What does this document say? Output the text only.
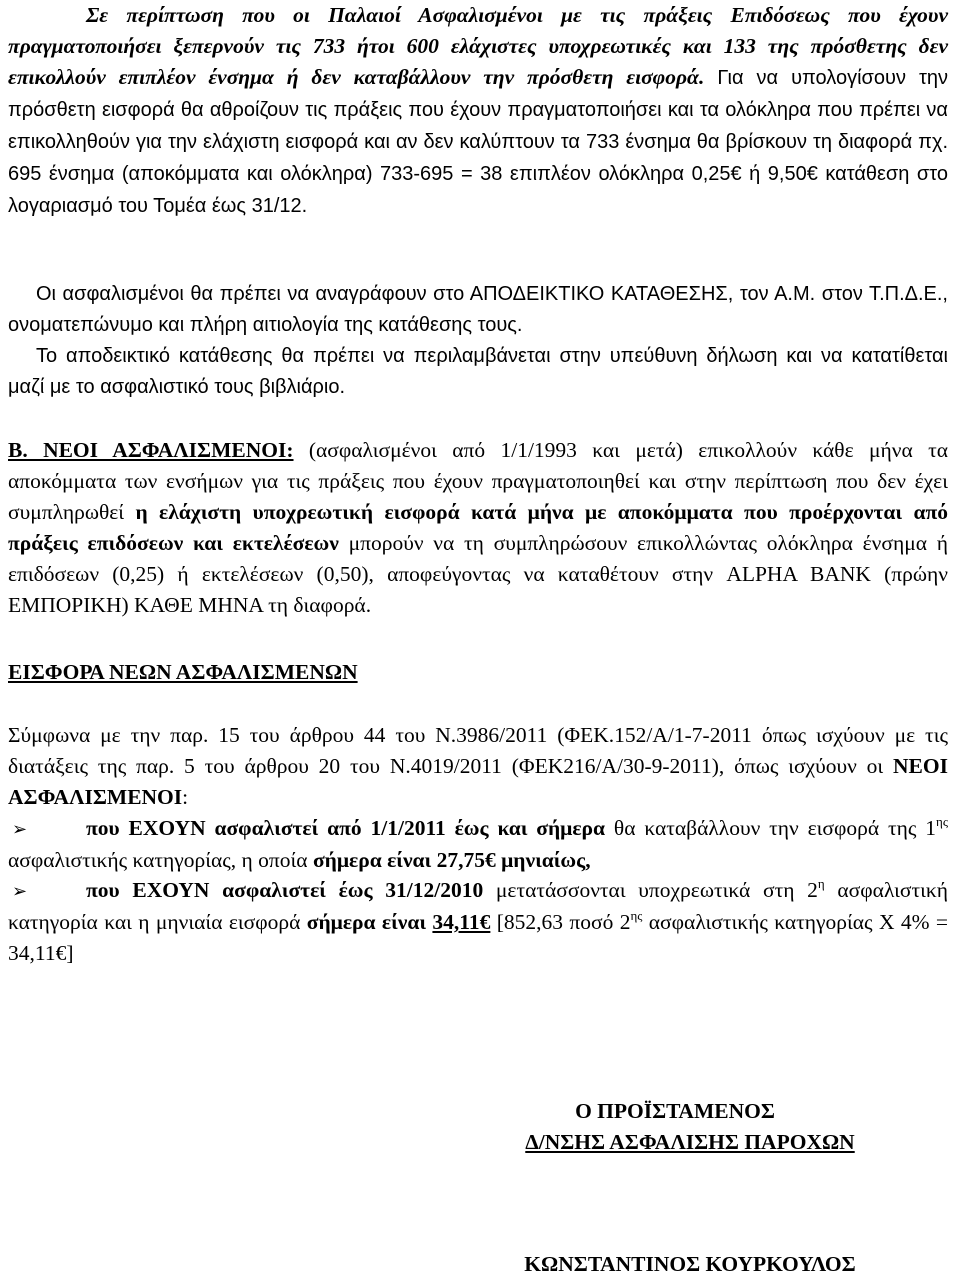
Σε περίπτωση που οι Παλαιοί Ασφαλισμένοι με τις πράξεις Επιδόσεως που έχουν πραγματοποιήσει ξεπερνούν τις 733 ήτοι 600 ελάχιστες υποχρεωτικές και 133 της πρόσθετης δεν επικολλούν επιπλέον ένσημα ή δεν καταβάλλουν την πρόσθετη εισφορά. Για να υπολογίσουν την πρόσθετη εισφορά θα αθροίζουν τις πράξεις που έχουν πραγματοποιήσει και τα ολόκληρα που πρέπει να επικολληθούν για την ελάχιστη εισφορά και αν δεν καλύπτουν τα 733 ένσημα θα βρίσκουν τη διαφορά πχ. 695 ένσημα (αποκόμματα και ολόκληρα) 733-695 = 38 επιπλέον ολόκληρα 0,25€ ή 9,50€ κατάθεση στο λογαριασμό του Τομέα έως 31/12.

Οι ασφαλισμένοι θα πρέπει να αναγράφουν στο ΑΠΟΔΕΙΚΤΙΚΟ ΚΑΤΑΘΕΣΗΣ, τον Α.Μ. στον Τ.Π.Δ.Ε., ονοματεπώνυμο και πλήρη αιτιολογία της κατάθεσης τους.

Το αποδεικτικό κατάθεσης θα πρέπει να περιλαμβάνεται στην υπεύθυνη δήλωση και να κατατίθεται μαζί με το ασφαλιστικό τους βιβλιάριο.

Β. ΝΕΟΙ ΑΣΦΑΛΙΣΜΕΝΟΙ: (ασφαλισμένοι από 1/1/1993 και μετά) επικολλούν κάθε μήνα τα αποκόμματα των ενσήμων για τις πράξεις που έχουν πραγματοποιηθεί και στην περίπτωση που δεν έχει συμπληρωθεί η ελάχιστη υποχρεωτική εισφορά κατά μήνα με αποκόμματα που προέρχονται από πράξεις επιδόσεων και εκτελέσεων μπορούν να τη συμπληρώσουν επικολλώντας ολόκληρα ένσημα ή επιδόσεων (0,25) ή εκτελέσεων (0,50), αποφεύγοντας να καταθέτουν στην ALPHA BANK (πρώην ΕΜΠΟΡΙΚΗ) ΚΑΘΕ ΜΗΝΑ τη διαφορά.

ΕΙΣΦΟΡΑ ΝΕΩΝ ΑΣΦΑΛΙΣΜΕΝΩΝ

Σύμφωνα με την παρ. 15 του άρθρου 44 του Ν.3986/2011 (ΦΕΚ.152/Α/1-7-2011 όπως ισχύουν με τις διατάξεις της παρ. 5 του άρθρου 20 του Ν.4019/2011 (ΦΕΚ216/Α/30-9-2011), όπως ισχύουν οι ΝΕΟΙ ΑΣΦΑΛΙΣΜΕΝΟΙ:

➢	που ΕΧΟΥΝ ασφαλιστεί από 1/1/2011 έως και σήμερα θα καταβάλλουν την εισφορά της $1^{\eta\varsigma}$ ασφαλιστικής κατηγορίας, η οποία σήμερα είναι 27,75€ μηνιαίως,

➢	που ΕΧΟΥΝ ασφαλιστεί έως 31/12/2010 μετατάσσονται υποχρεωτικά στη $2^\eta$ ασφαλιστική κατηγορία και η μηνιαία εισφορά σήμερα είναι 34,11€ [852,63 ποσό $2^{\eta\varsigma}$ ασφαλιστικής κατηγορίας Χ 4% = 34,11€]

Ο ΠΡΟΪΣΤΑΜΕΝΟΣ
Δ/ΝΣΗΣ ΑΣΦΑΛΙΣΗΣ ΠΑΡΟΧΩΝ
ΚΩΝΣΤΑΝΤΙΝΟΣ ΚΟΥΡΚΟΥΛΟΣ
